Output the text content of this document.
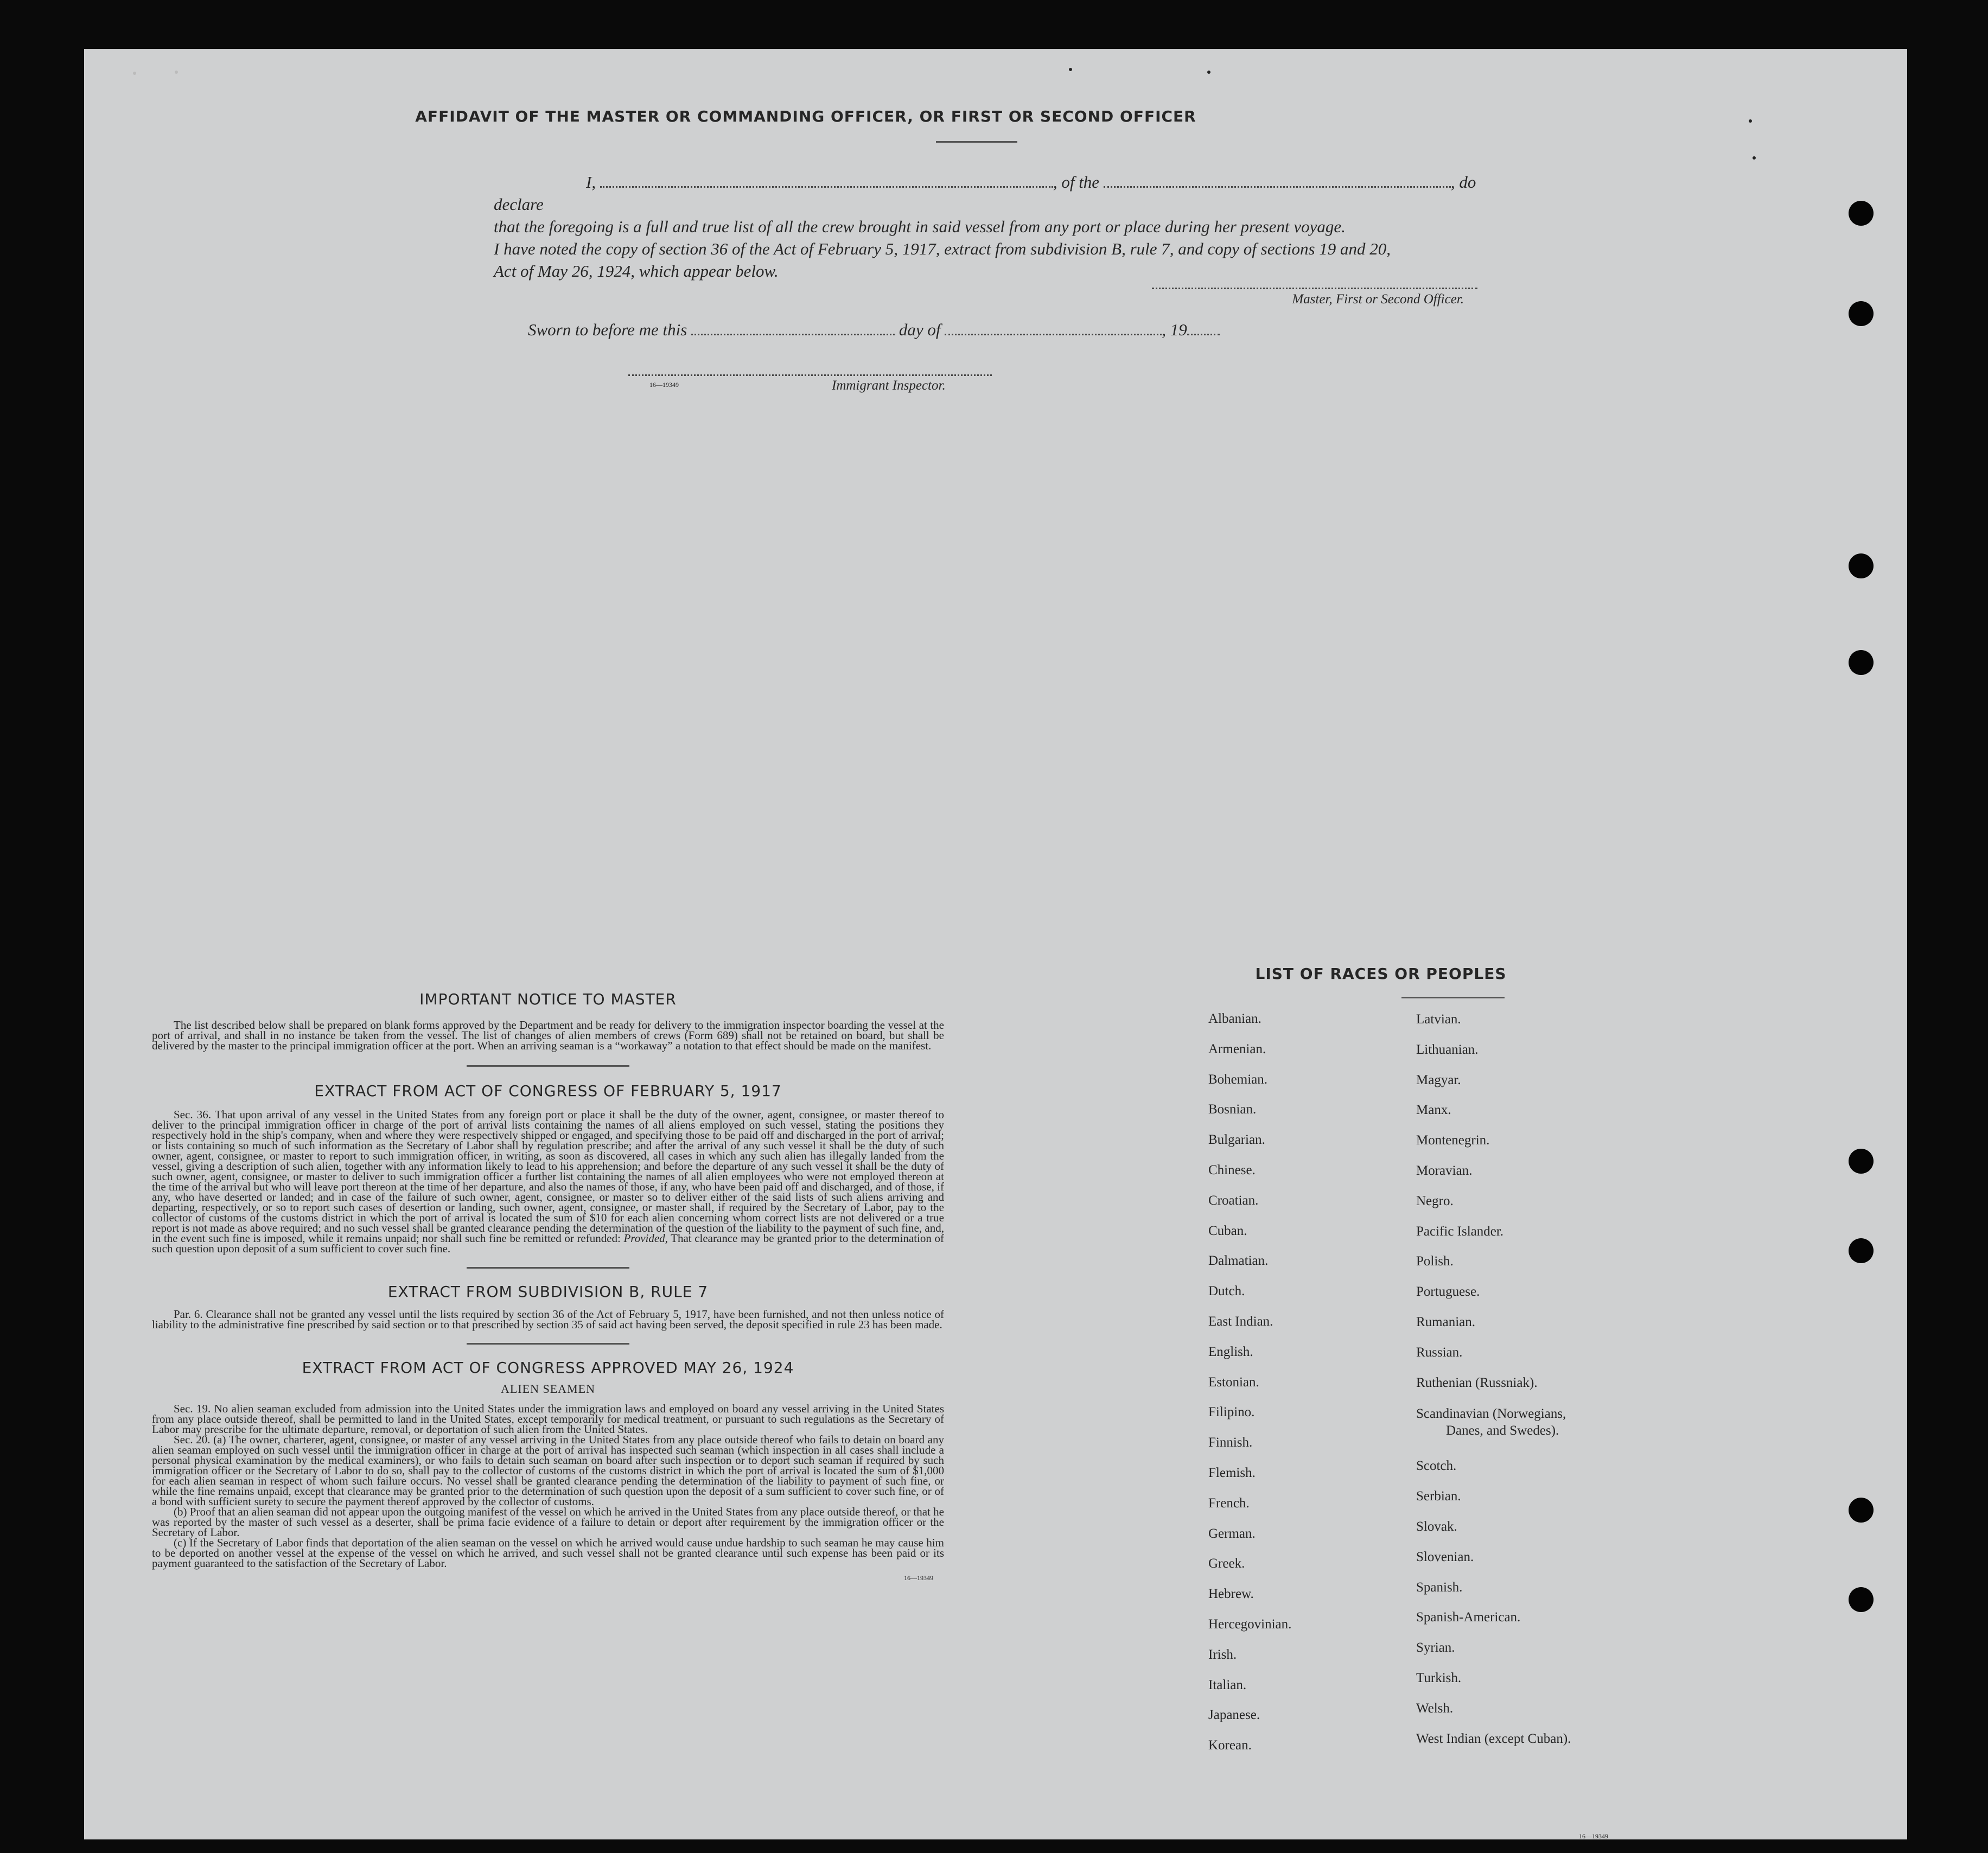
AFFIDAVIT OF THE MASTER OR COMMANDING OFFICER, OR FIRST OR SECOND OFFICER

I,	, of the	, do declare

that the foregoing is a full and true list of all the crew brought in said vessel from any port or place during her present voyage.

I have noted the copy of section 36 of the Act of February 5, 1917, extract from subdivision B, rule 7, and copy of sections 19 and 20,

Act of May 26, 1924, which appear below.

Master, First or Second Officer.
Sworn to before me this	day of	, 19
16—19349	Immigrant Inspector.
IMPORTANT NOTICE TO MASTER

The list described below shall be prepared on blank forms approved by the Department and be ready for delivery to the immigration inspector boarding the vessel at the port of arrival, and shall in no instance be taken from the vessel. The list of changes of alien members of crews (Form 689) shall not be retained on board, but shall be delivered by the master to the principal immigration officer at the port. When an arriving seaman is a “workaway” a notation to that effect should be made on the manifest.

EXTRACT FROM ACT OF CONGRESS OF FEBRUARY 5, 1917

Sec. 36. That upon arrival of any vessel in the United States from any foreign port or place it shall be the duty of the owner, agent, consignee, or master thereof to deliver to the principal immigration officer in charge of the port of arrival lists containing the names of all aliens employed on such vessel, stating the positions they respectively hold in the ship's company, when and where they were respectively shipped or engaged, and specifying those to be paid off and discharged in the port of arrival; or lists containing so much of such information as the Secretary of Labor shall by regulation prescribe; and after the arrival of any such vessel it shall be the duty of such owner, agent, consignee, or master to report to such immigration officer, in writing, as soon as discovered, all cases in which any such alien has illegally landed from the vessel, giving a description of such alien, together with any information likely to lead to his apprehension; and before the departure of any such vessel it shall be the duty of such owner, agent, consignee, or master to deliver to such immigration officer a further list containing the names of all alien employees who were not employed thereon at the time of the arrival but who will leave port thereon at the time of her departure, and also the names of those, if any, who have been paid off and discharged, and of those, if any, who have deserted or landed; and in case of the failure of such owner, agent, consignee, or master so to deliver either of the said lists of such aliens arriving and departing, respectively, or so to report such cases of desertion or landing, such owner, agent, consignee, or master shall, if required by the Secretary of Labor, pay to the collector of customs of the customs district in which the port of arrival is located the sum of $10 for each alien concerning whom correct lists are not delivered or a true report is not made as above required; and no such vessel shall be granted clearance pending the determination of the question of the liability to the payment of such fine, and, in the event such fine is imposed, while it remains unpaid; nor shall such fine be remitted or refunded: Provided, That clearance may be granted prior to the determination of such question upon deposit of a sum sufficient to cover such fine.

EXTRACT FROM SUBDIVISION B, RULE 7

Par. 6. Clearance shall not be granted any vessel until the lists required by section 36 of the Act of February 5, 1917, have been furnished, and not then unless notice of liability to the administrative fine prescribed by said section or to that prescribed by section 35 of said act having been served, the deposit specified in rule 23 has been made.

EXTRACT FROM ACT OF CONGRESS APPROVED MAY 26, 1924
ALIEN SEAMEN

Sec. 19. No alien seaman excluded from admission into the United States under the immigration laws and employed on board any vessel arriving in the United States from any place outside thereof, shall be permitted to land in the United States, except temporarily for medical treatment, or pursuant to such regulations as the Secretary of Labor may prescribe for the ultimate departure, removal, or deportation of such alien from the United States.

Sec. 20. (a) The owner, charterer, agent, consignee, or master of any vessel arriving in the United States from any place outside thereof who fails to detain on board any alien seaman employed on such vessel until the immigration officer in charge at the port of arrival has inspected such seaman (which inspection in all cases shall include a personal physical examination by the medical examiners), or who fails to detain such seaman on board after such inspection or to deport such seaman if required by such immigration officer or the Secretary of Labor to do so, shall pay to the collector of customs of the customs district in which the port of arrival is located the sum of $1,000 for each alien seaman in respect of whom such failure occurs. No vessel shall be granted clearance pending the determination of the liability to payment of such fine, or while the fine remains unpaid, except that clearance may be granted prior to the determination of such question upon the deposit of a sum sufficient to cover such fine, or of a bond with sufficient surety to secure the payment thereof approved by the collector of customs.

(b) Proof that an alien seaman did not appear upon the outgoing manifest of the vessel on which he arrived in the United States from any place outside thereof, or that he was reported by the master of such vessel as a deserter, shall be prima facie evidence of a failure to detain or deport after requirement by the immigration officer or the Secretary of Labor.

(c) If the Secretary of Labor finds that deportation of the alien seaman on the vessel on which he arrived would cause undue hardship to such seaman he may cause him to be deported on another vessel at the expense of the vessel on which he arrived, and such vessel shall not be granted clearance until such expense has been paid or its payment guaranteed to the satisfaction of the Secretary of Labor.

16—19349
LIST OF RACES OR PEOPLES
Albanian.
Armenian.
Bohemian.
Bosnian.
Bulgarian.
Chinese.
Croatian.
Cuban.
Dalmatian.
Dutch.
East Indian.
English.
Estonian.
Filipino.
Finnish.
Flemish.
French.
German.
Greek.
Hebrew.
Hercegovinian.
Irish.
Italian.
Japanese.
Korean.
Latvian.
Lithuanian.
Magyar.
Manx.
Montenegrin.
Moravian.
Negro.
Pacific Islander.
Polish.
Portuguese.
Rumanian.
Russian.
Ruthenian (Russniak).
Scandinavian (Norwegians,
Danes, and Swedes).
Scotch.
Serbian.
Slovak.
Slovenian.
Spanish.
Spanish-American.
Syrian.
Turkish.
Welsh.
West Indian (except Cuban).
16—19349
